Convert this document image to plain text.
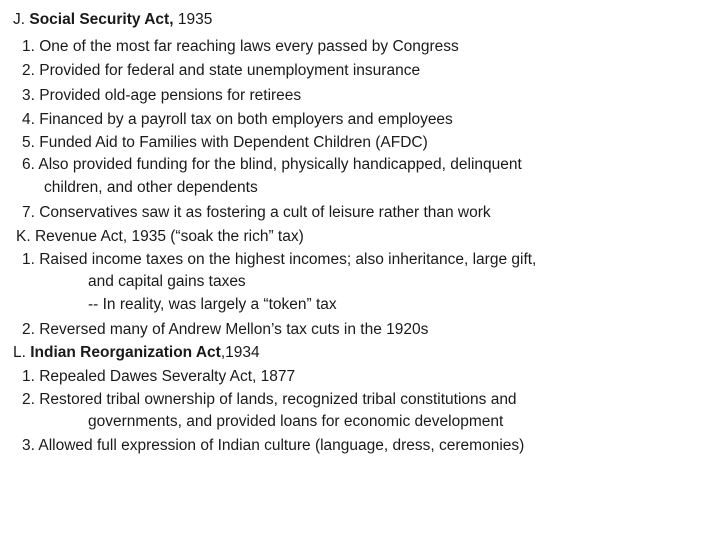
J. Social Security Act, 1935
1. One of the most far reaching laws every passed by Congress
2. Provided for federal and state unemployment insurance
3. Provided old-age pensions for retirees
4. Financed by a payroll tax on both employers and employees
5. Funded Aid to Families with Dependent Children (AFDC)
6. Also provided funding for the blind, physically handicapped, delinquent
children, and other dependents
7. Conservatives saw it as fostering a cult of leisure rather than work
K. Revenue Act, 1935 (“soak the rich” tax)
1. Raised income taxes on the highest incomes; also inheritance, large gift,
and capital gains taxes
-- In reality, was largely a “token” tax
2. Reversed many of Andrew Mellon’s tax cuts in the 1920s
L. Indian Reorganization Act,1934
1. Repealed Dawes Severalty Act, 1877
2. Restored tribal ownership of lands, recognized tribal constitutions and
governments, and provided loans for economic development
3. Allowed full expression of Indian culture (language, dress, ceremonies)
